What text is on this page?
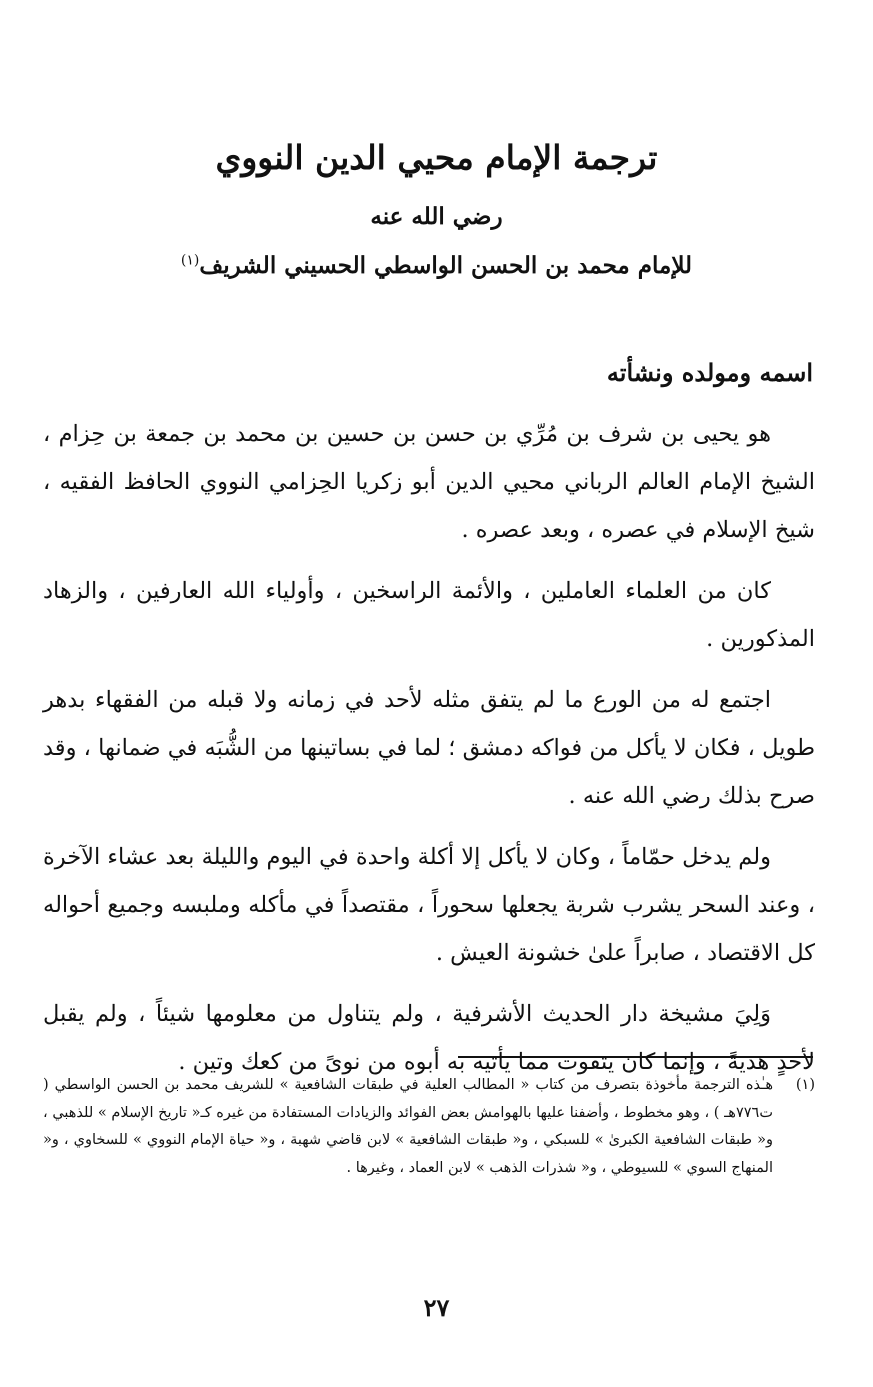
ترجمة الإمام محيي الدين النووي
رضي الله عنه
للإمام محمد بن الحسن الواسطي الحسيني الشريف$^{(١)}$
اسمه ومولده ونشأته

هو يحيى بن شرف بن مُرِّي بن حسن بن حسين بن محمد بن جمعة بن حِزام ، الشيخ الإمام العالم الرباني محيي الدين أبو زكريا الحِزامي النووي الحافظ الفقيه ، شيخ الإسلام في عصره ، وبعد عصره .

كان من العلماء العاملين ، والأئمة الراسخين ، وأولياء الله العارفين ، والزهاد المذكورين .

اجتمع له من الورع ما لم يتفق مثله لأحد في زمانه ولا قبله من الفقهاء بدهر طويل ، فكان لا يأكل من فواكه دمشق ؛ لما في بساتينها من الشُّبَه في ضمانها ، وقد صرح بذلك رضي الله عنه .

ولم يدخل حمّاماً ، وكان لا يأكل إلا أكلة واحدة في اليوم والليلة بعد عشاء الآخرة ، وعند السحر يشرب شربة يجعلها سحوراً ، مقتصداً في مأكله وملبسه وجميع أحواله كل الاقتصاد ، صابراً علىٰ خشونة العيش .

وَلِيَ مشيخة دار الحديث الأشرفية ، ولم يتناول من معلومها شيئاً ، ولم يقبل لأحدٍ هديةً ، وإنما كان يتقوت مما يأتيه به أبوه من نوىً من كعك وتين .

(١)
هـٰذه الترجمة مأخوذة بتصرف من كتاب « المطالب العلية في طبقات الشافعية » للشريف محمد بن الحسن الواسطي ( ت٧٧٦هـ ) ، وهو مخطوط ، وأضفنا عليها بالهوامش بعض الفوائد والزيادات المستفادة من غيره كـ« تاريخ الإسلام » للذهبي ، و« طبقات الشافعية الكبرىٰ » للسبكي ، و« طبقات الشافعية » لابن قاضي شهبة ، و« حياة الإمام النووي » للسخاوي ، و« المنهاج السوي » للسيوطي ، و« شذرات الذهب » لابن العماد ، وغيرها .
٢٧
